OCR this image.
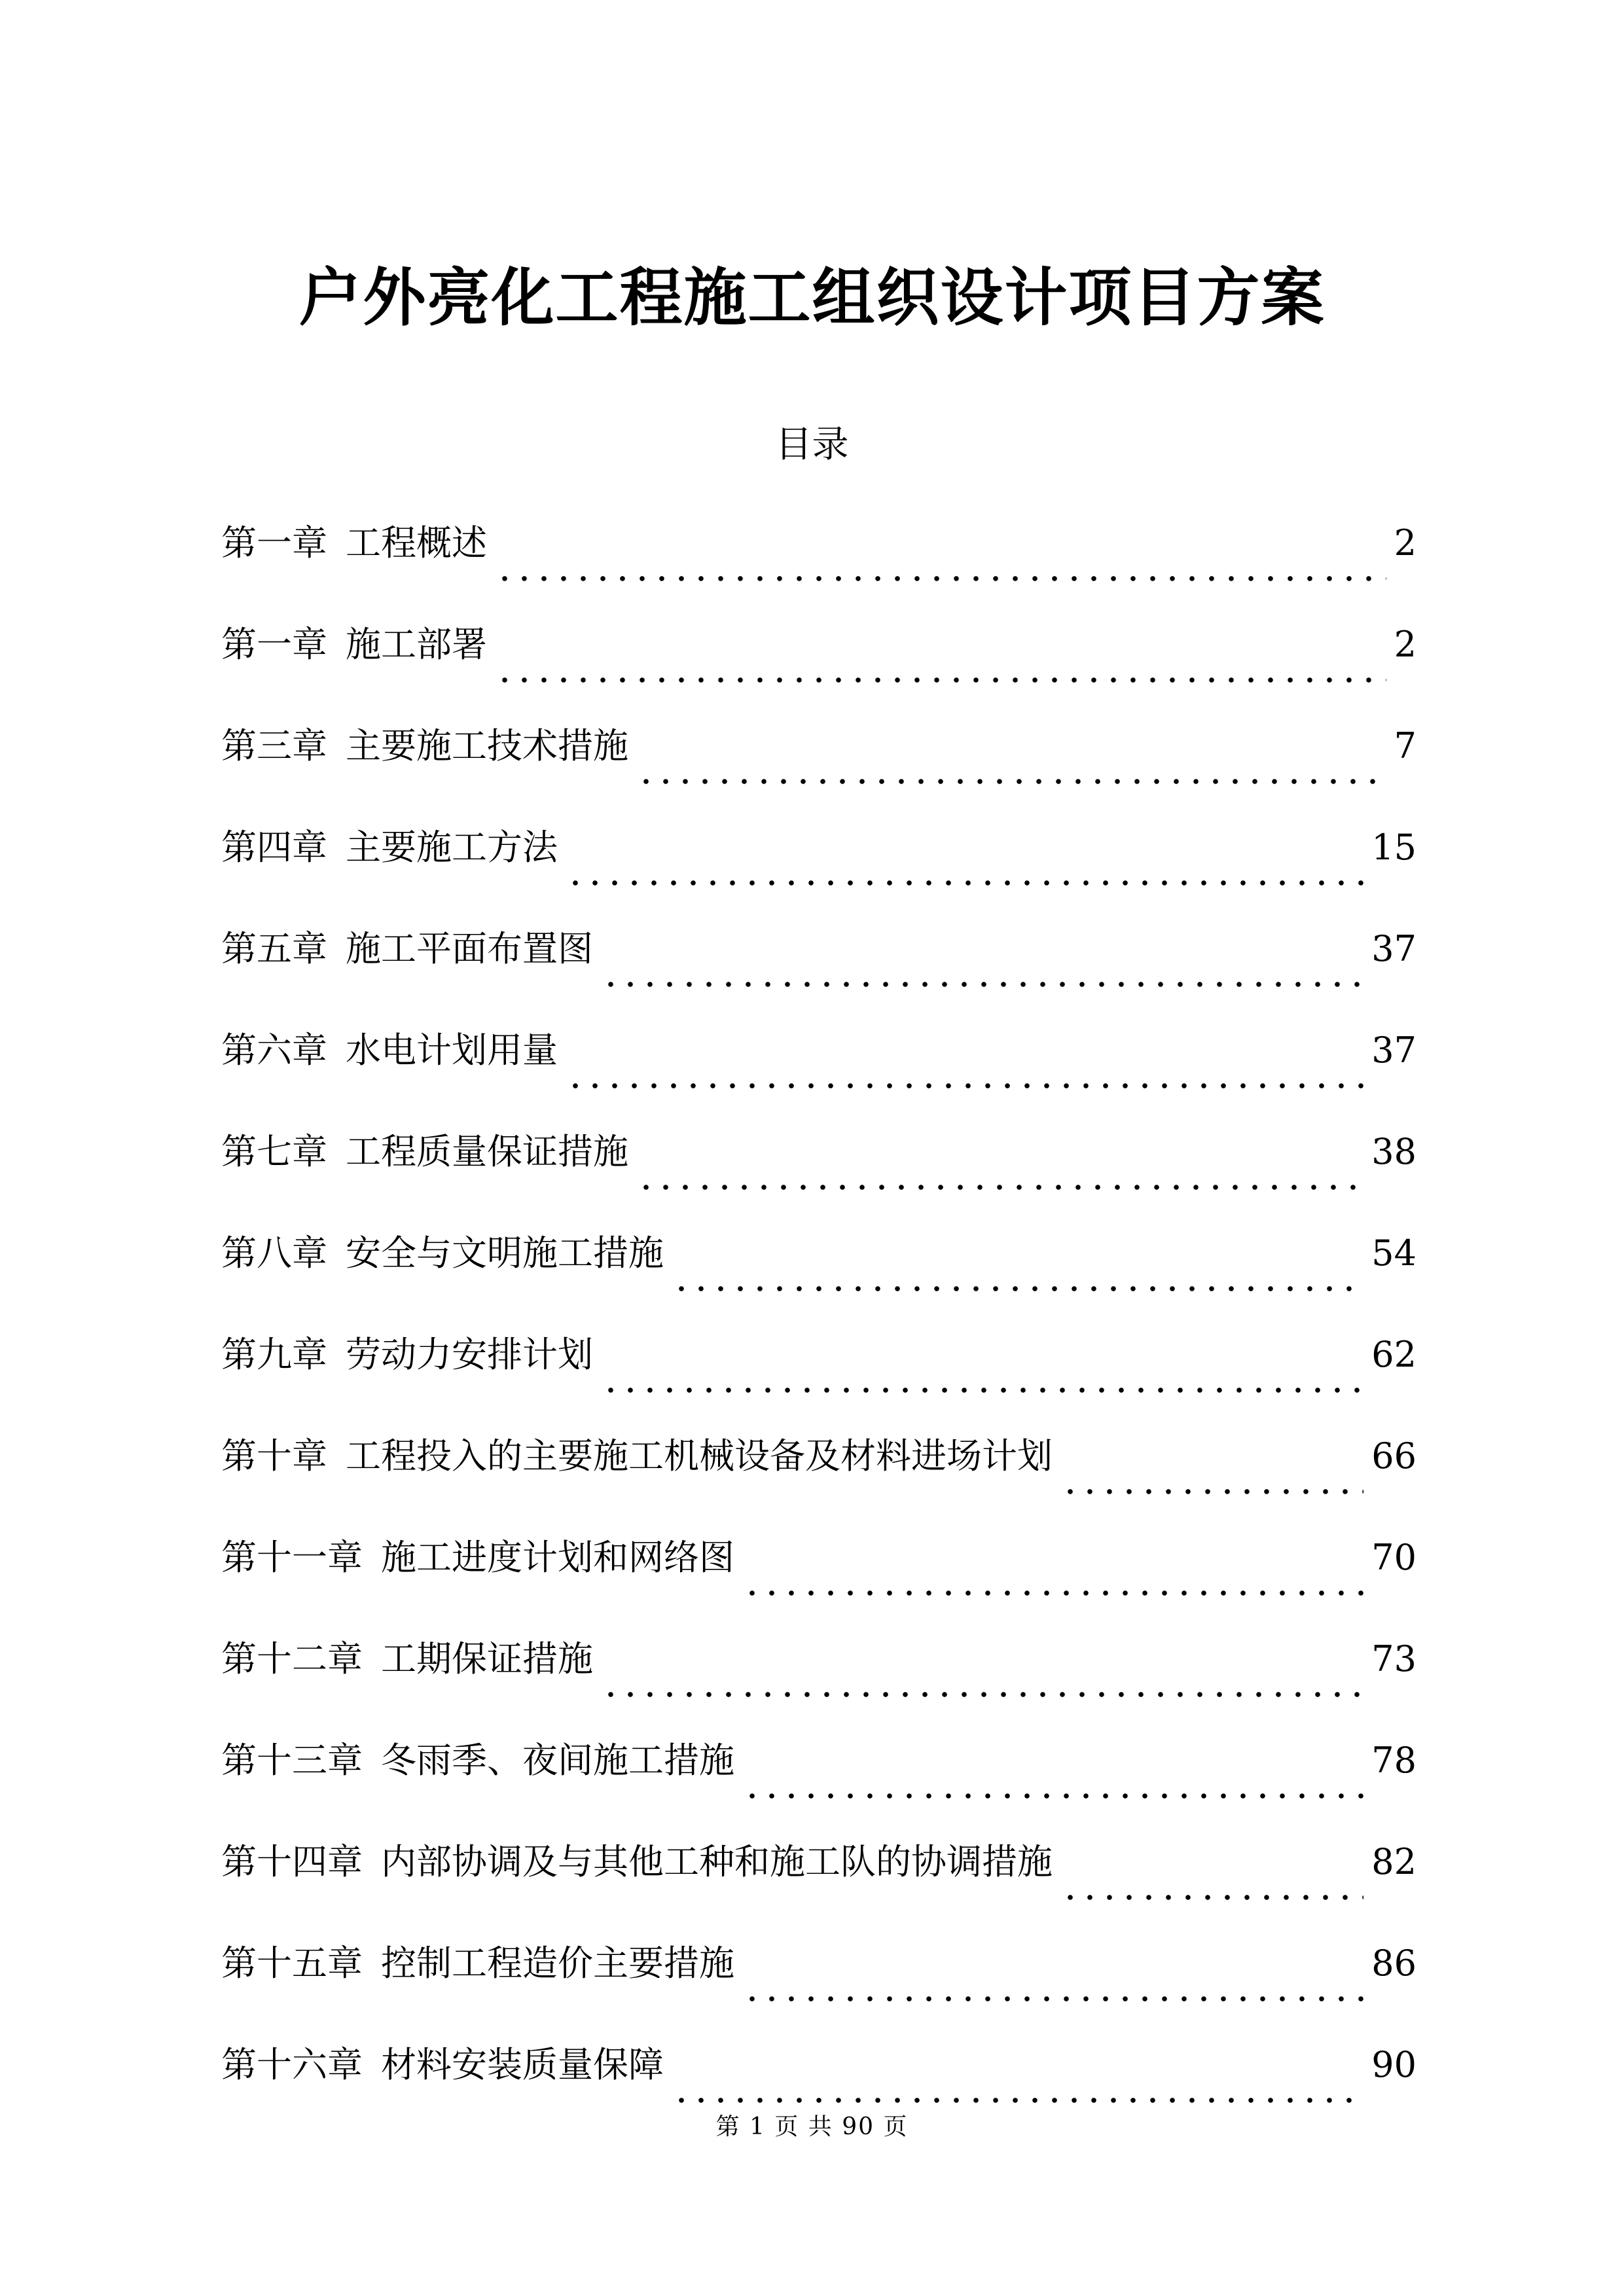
户外亮化工程施工组织设计项目方案
目录
第一章 工程概述	2
第一章 施工部署	2
第三章 主要施工技术措施	7
第四章 主要施工方法	15
第五章 施工平面布置图	37
第六章 水电计划用量	37
第七章 工程质量保证措施	38
第八章 安全与文明施工措施	54
第九章 劳动力安排计划	62
第十章 工程投入的主要施工机械设备及材料进场计划	66
第十一章 施工进度计划和网络图	70
第十二章 工期保证措施	73
第十三章 冬雨季、夜间施工措施	78
第十四章 内部协调及与其他工种和施工队的协调措施	82
第十五章 控制工程造价主要措施	86
第十六章 材料安装质量保障	90
第 1 页 共 90 页
